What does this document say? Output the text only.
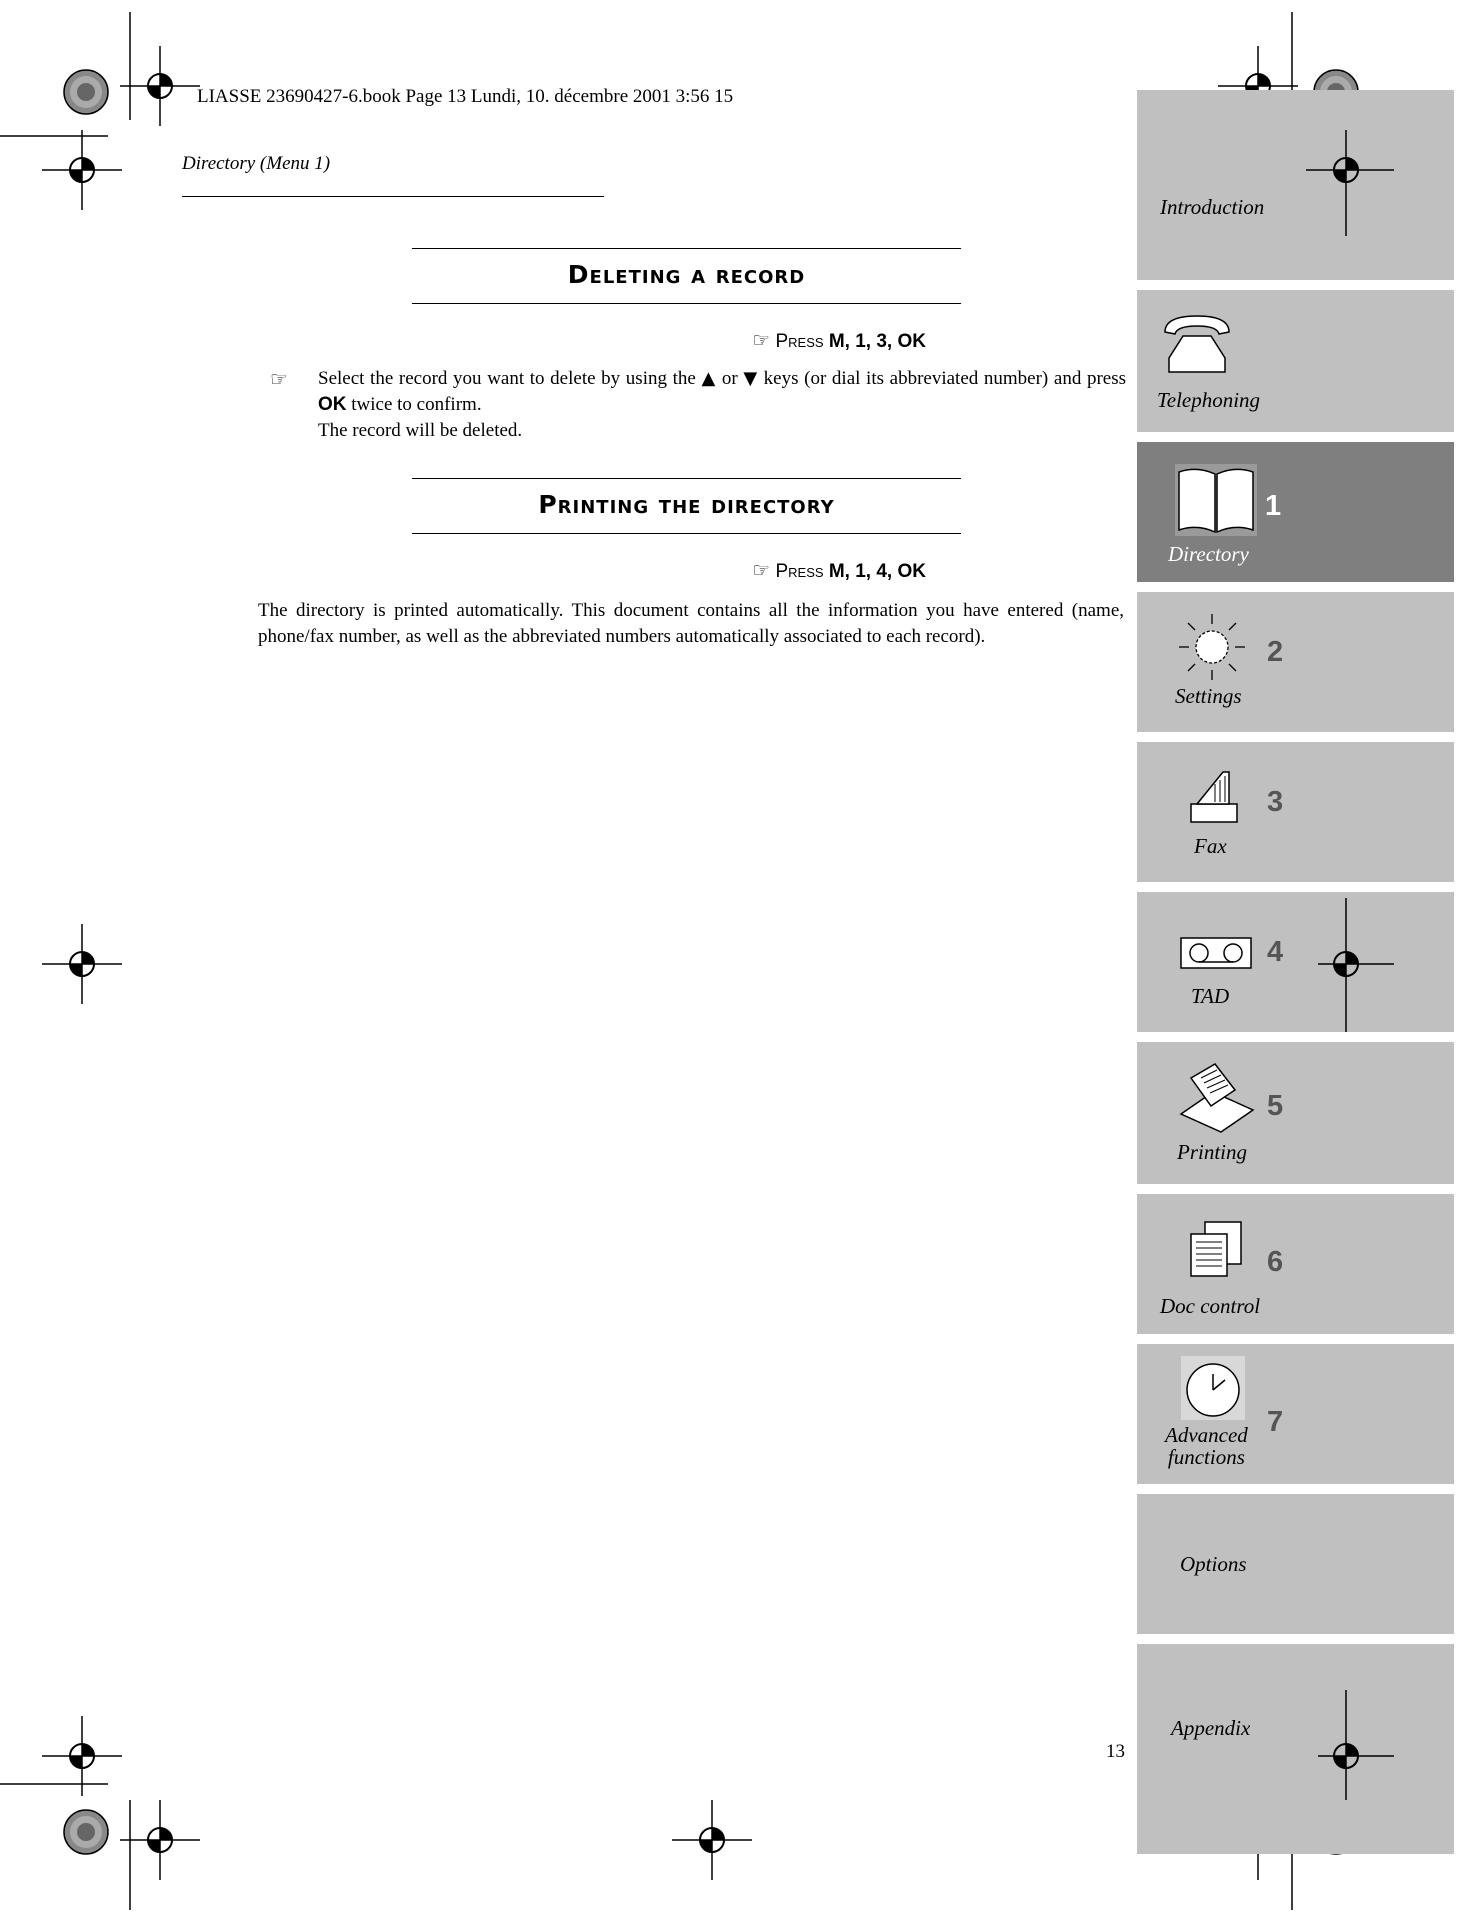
LIASSE 23690427-6.book Page 13 Lundi, 10. décembre 2001 3:56 15
Directory (Menu 1)
Deleting a record
☞ Press M, 1, 3, OK
☞ Select the record you want to delete by using the ▲ or ▼ keys (or dial its abbreviated number) and press OK twice to confirm.
The record will be deleted.
Printing the directory
☞ Press M, 1, 4, OK
The directory is printed automatically. This document contains all the information you have entered (name, phone/fax number, as well as the abbreviated numbers automatically associated to each record).
13
Introduction
Telephoning
1
Directory
2
Settings
3
Fax
4
TAD
5
Printing
6
Doc control
7
Advanced
functions
Options
Appendix
